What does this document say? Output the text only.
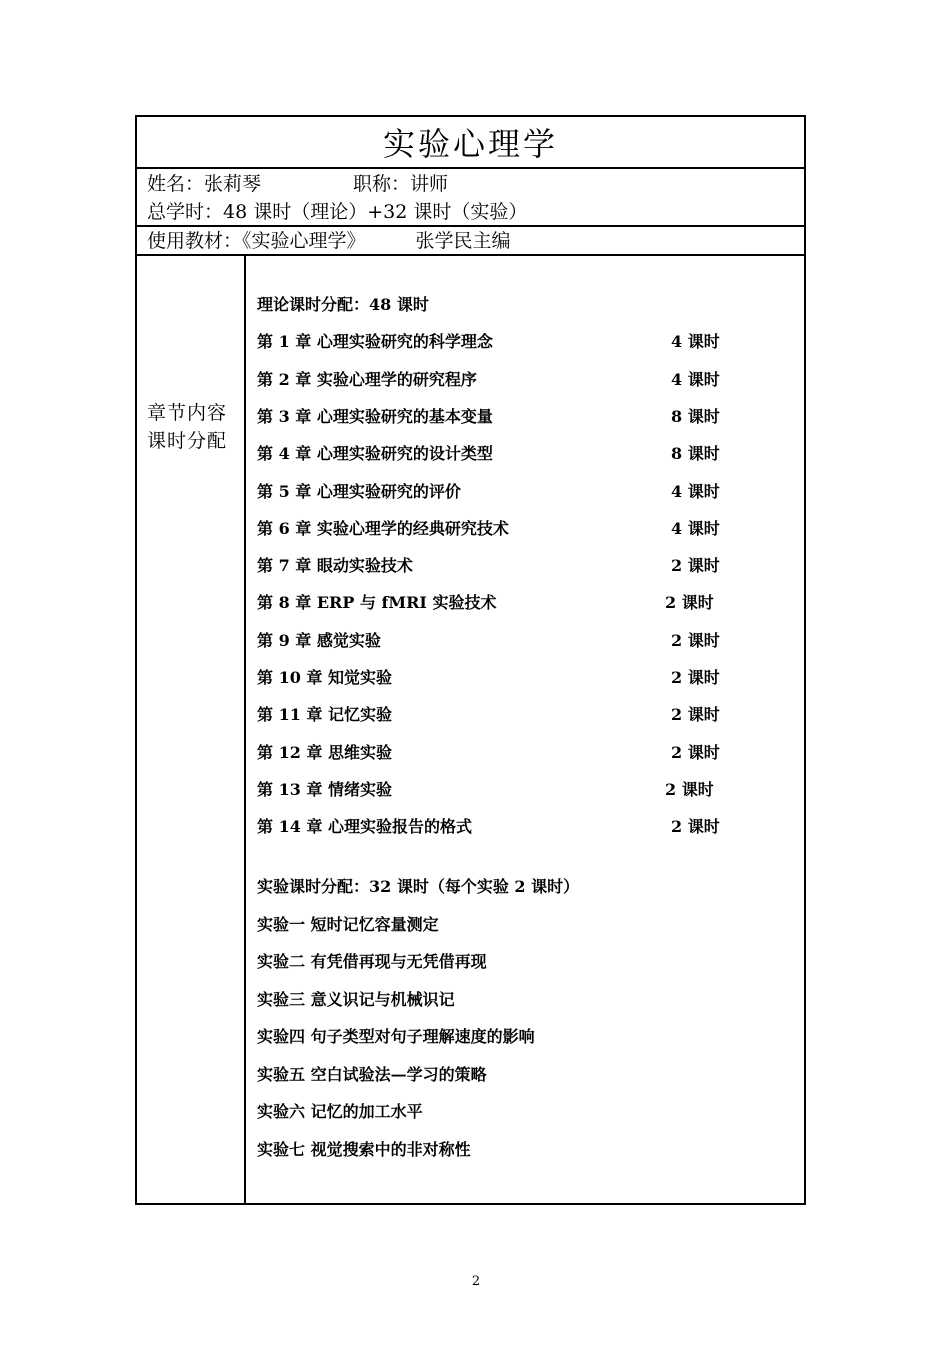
实验心理学
姓名：张莉琴	职称：讲师
总学时：48 课时（理论）+32 课时（实验）
使用教材：《实验心理学》	张学民主编
章节内容课时分配
理论课时分配：48 课时
第 1 章 心理实验研究的科学理念	4 课时
第 2 章 实验心理学的研究程序	4 课时
第 3 章 心理实验研究的基本变量	8 课时
第 4 章 心理实验研究的设计类型	8 课时
第 5 章 心理实验研究的评价	4 课时
第 6 章 实验心理学的经典研究技术	4 课时
第 7 章 眼动实验技术	2 课时
第 8 章 ERP 与 fMRI 实验技术	2 课时
第 9 章 感觉实验	2 课时
第 10 章 知觉实验	2 课时
第 11 章 记忆实验	2 课时
第 12 章 思维实验	2 课时
第 13 章 情绪实验	2 课时
第 14 章 心理实验报告的格式	2 课时
实验课时分配：32 课时（每个实验 2 课时）
实验一 短时记忆容量测定
实验二 有凭借再现与无凭借再现
实验三 意义识记与机械识记
实验四 句子类型对句子理解速度的影响
实验五 空白试验法—学习的策略
实验六 记忆的加工水平
实验七 视觉搜索中的非对称性
2
